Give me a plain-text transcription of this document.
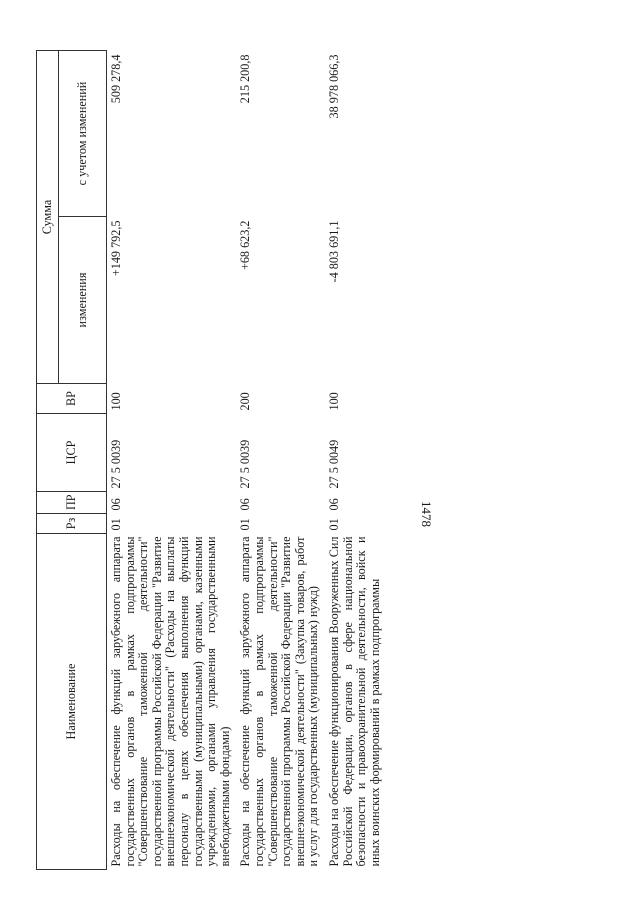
1478
Наименование	Рз	ПР	ЦСР	ВР	Сумма	
					изменения	с учетом изменений
Расходы на обеспечение функций зарубежного аппарата государственных органов в рамках подпрограммы "Совершенствование таможенной деятельности" государственной программы Российской Федерации "Развитие внешнеэкономической деятельности" (Расходы на выплаты персоналу в целях обеспечения выполнения функций государственными (муниципальными) органами, казенными учреждениями, органами управления государственными внебюджетными фондами)	01	06	27 5 0039	100	+149 792,5	509 278,4
Расходы на обеспечение функций зарубежного аппарата государственных органов в рамках подпрограммы "Совершенствование таможенной деятельности" государственной программы Российской Федерации "Развитие внешнеэкономической деятельности" (Закупка товаров, работ и услуг для государственных (муниципальных) нужд)	01	06	27 5 0039	200	+68 623,2	215 200,8
Расходы на обеспечение функционирования Вооруженных Сил Российской Федерации, органов в сфере национальной безопасности и правоохранительной деятельности, войск и иных воинских формирований в рамках подпрограммы	01	06	27 5 0049	100	-4 803 691,1	38 978 066,3
